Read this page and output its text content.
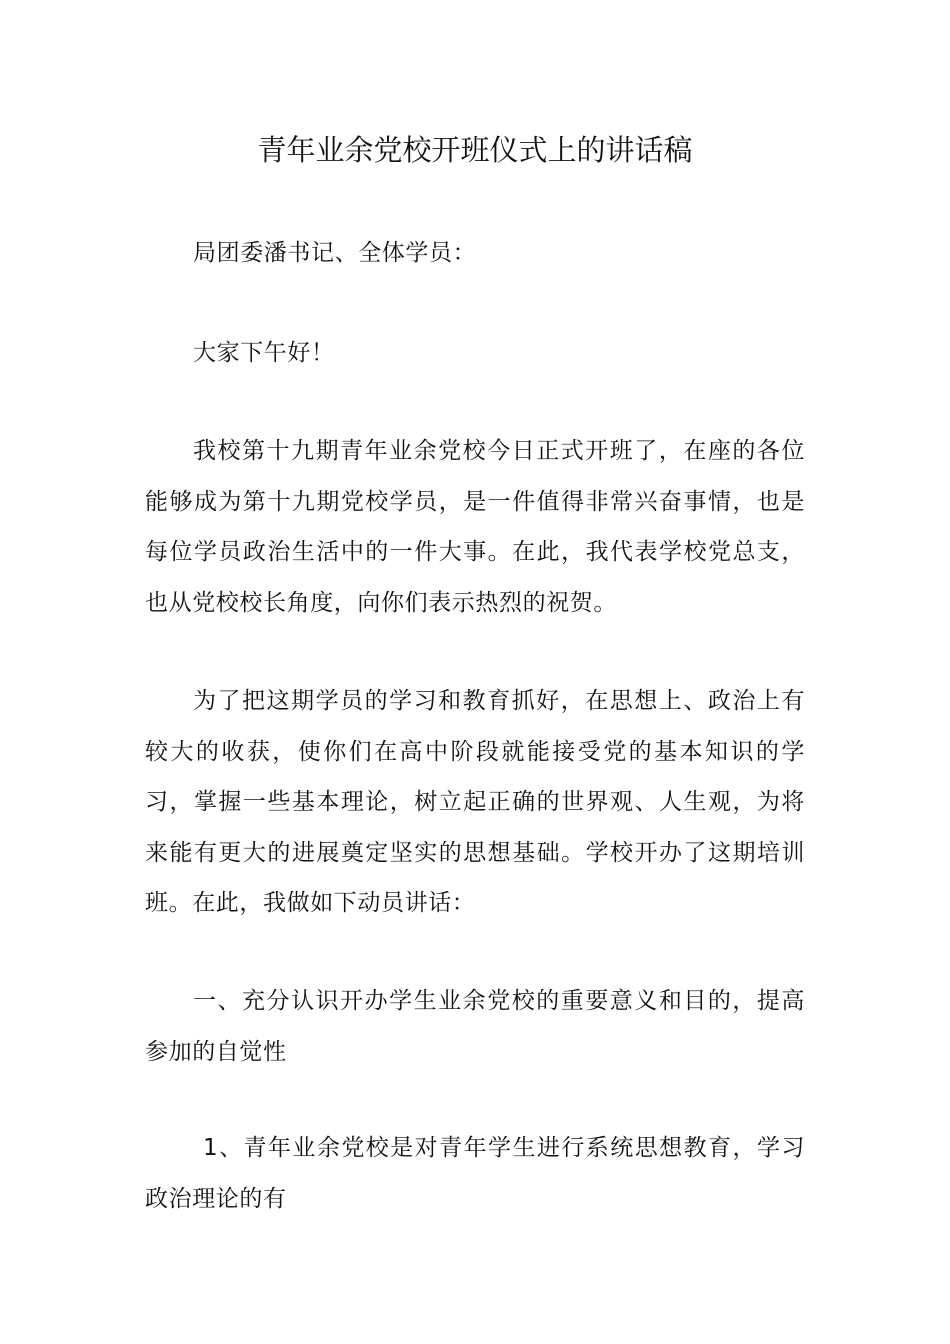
青年业余党校开班仪式上的讲话稿

局团委潘书记、全体学员：

大家下午好！

我校第十九期青年业余党校今日正式开班了，在座的各位能够成为第十九期党校学员，是一件值得非常兴奋事情，也是每位学员政治生活中的一件大事。在此，我代表学校党总支，也从党校校长角度，向你们表示热烈的祝贺。

为了把这期学员的学习和教育抓好，在思想上、政治上有较大的收获，使你们在高中阶段就能接受党的基本知识的学习，掌握一些基本理论，树立起正确的世界观、人生观，为将来能有更大的进展奠定坚实的思想基础。学校开办了这期培训班。在此，我做如下动员讲话：

一、充分认识开办学生业余党校的重要意义和目的，提高参加的自觉性

1、青年业余党校是对青年学生进行系统思想教育，学习政治理论的有
